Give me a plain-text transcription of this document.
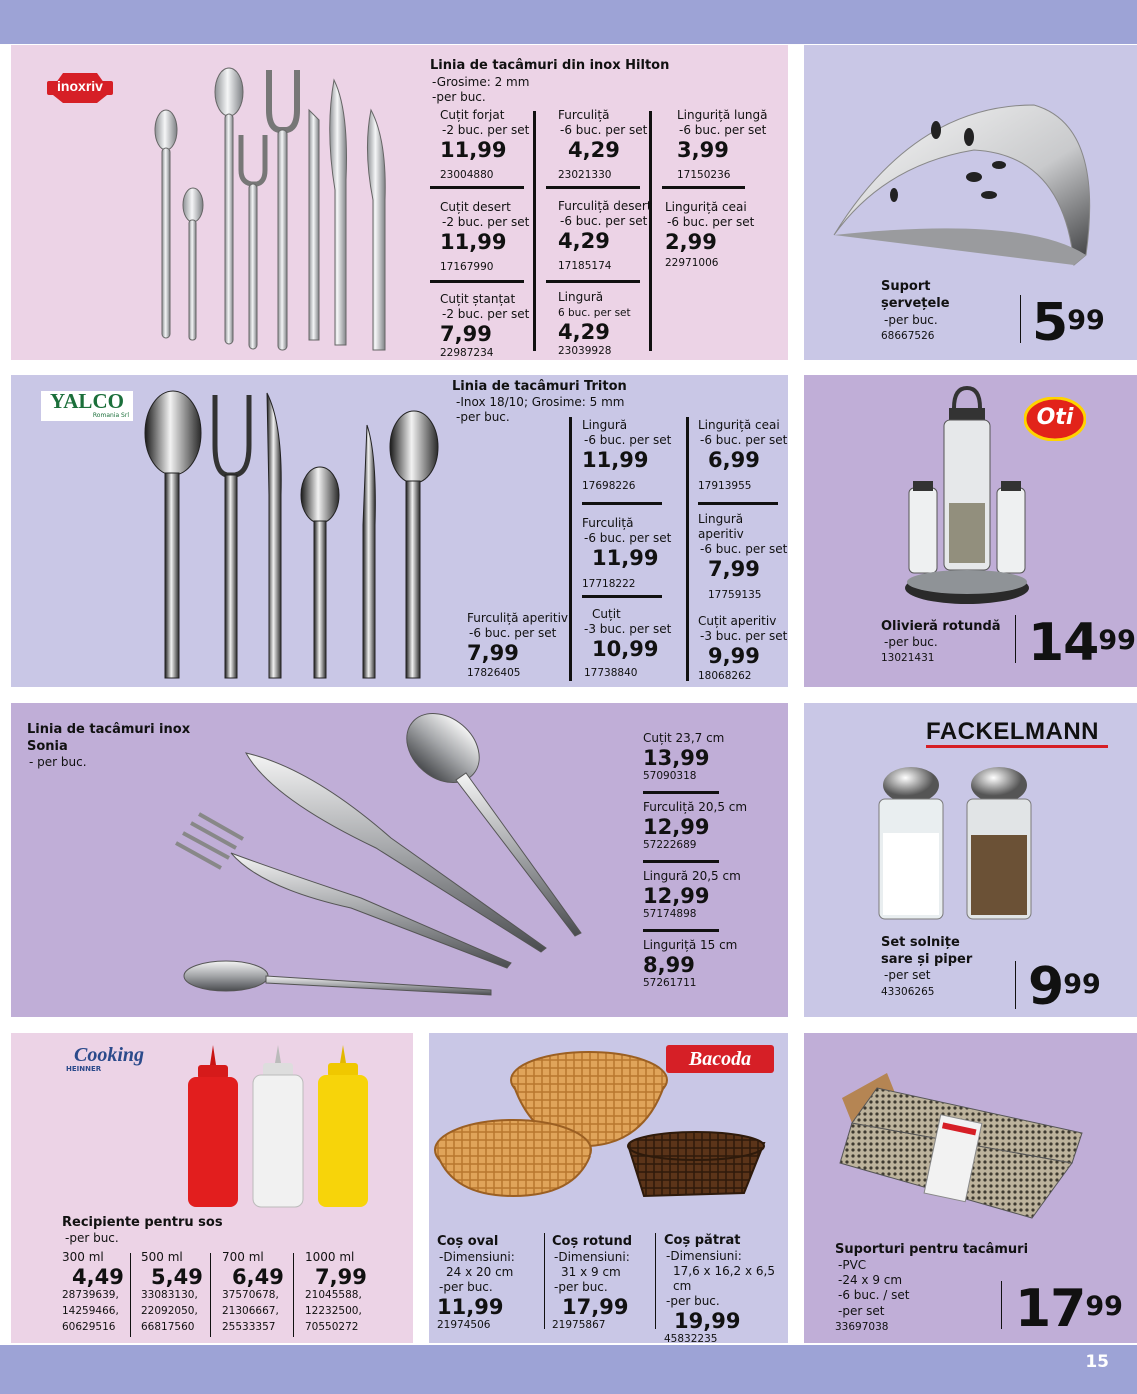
inoxriv
Linia de tacâmuri din inox Hilton
-Grosime: 2 mm
-per buc.
Cuțit forjat
-2 buc. per set
11,99
23004880
Furculiță
-6 buc. per set
4,29
23021330
Linguriță lungă
-6 buc. per set
3,99
17150236
Cuțit desert
-2 buc. per set
11,99
17167990
Furculiță desert
-6 buc. per set
4,29
17185174
Linguriță ceai
-6 buc. per set
2,99
22971006
Cuțit ștanțat
-2 buc. per set
7,99
22987234
Lingură
6 buc. per set
4,29
23039928
Suport
șervețele
-per buc.
68667526 $5^{99}$
YALCO
Romania Srl
Linia de tacâmuri Triton
-Inox 18/10; Grosime: 5 mm
-per buc.
Lingură
-6 buc. per set
11,99
17698226
Linguriță ceai
-6 buc. per set
6,99
17913955
Furculiță
-6 buc. per set
11,99
17718222
Lingură aperitiv
-6 buc. per set
7,99
17759135
Furculiță aperitiv
-6 buc. per set
7,99
17826405
Cuțit
-3 buc. per set
10,99
17738840
Cuțit aperitiv
-3 buc. per set
9,99
18068262
Oti
Olivieră rotundă
-per buc.
13021431 $14^{99}$
Linia de tacâmuri inox
Sonia
- per buc.
Cuțit 23,7 cm
13,99
57090318
Furculiță 20,5 cm
12,99
57222689
Lingură 20,5 cm
12,99
57174898
Linguriță 15 cm
8,99
57261711
FACKELMANN
Set solnițe
sare și piper
-per set
43306265 $9^{99}$
Cooking
HEINNER
Recipiente pentru sos
-per buc.
300 ml
4,49
28739639,
14259466,
60629516
500 ml
5,49
33083130,
22092050,
66817560
700 ml
6,49
37570678,
21306667,
25533357
1000 ml
7,99
21045588,
12232500,
70550272
Bacoda
Coș oval
-Dimensiuni:
24 x 20 cm
-per buc.
11,99
21974506
Coș rotund
-Dimensiuni:
31 x 9 cm
-per buc.
17,99
21975867
Coș pătrat
-Dimensiuni:
17,6 x 16,2 x 6,5 cm
-per buc.
19,99
45832235
Suporturi pentru tacâmuri
-PVC
-24 x 9 cm
-6 buc. / set
-per set
33697038 $17^{99}$
15
